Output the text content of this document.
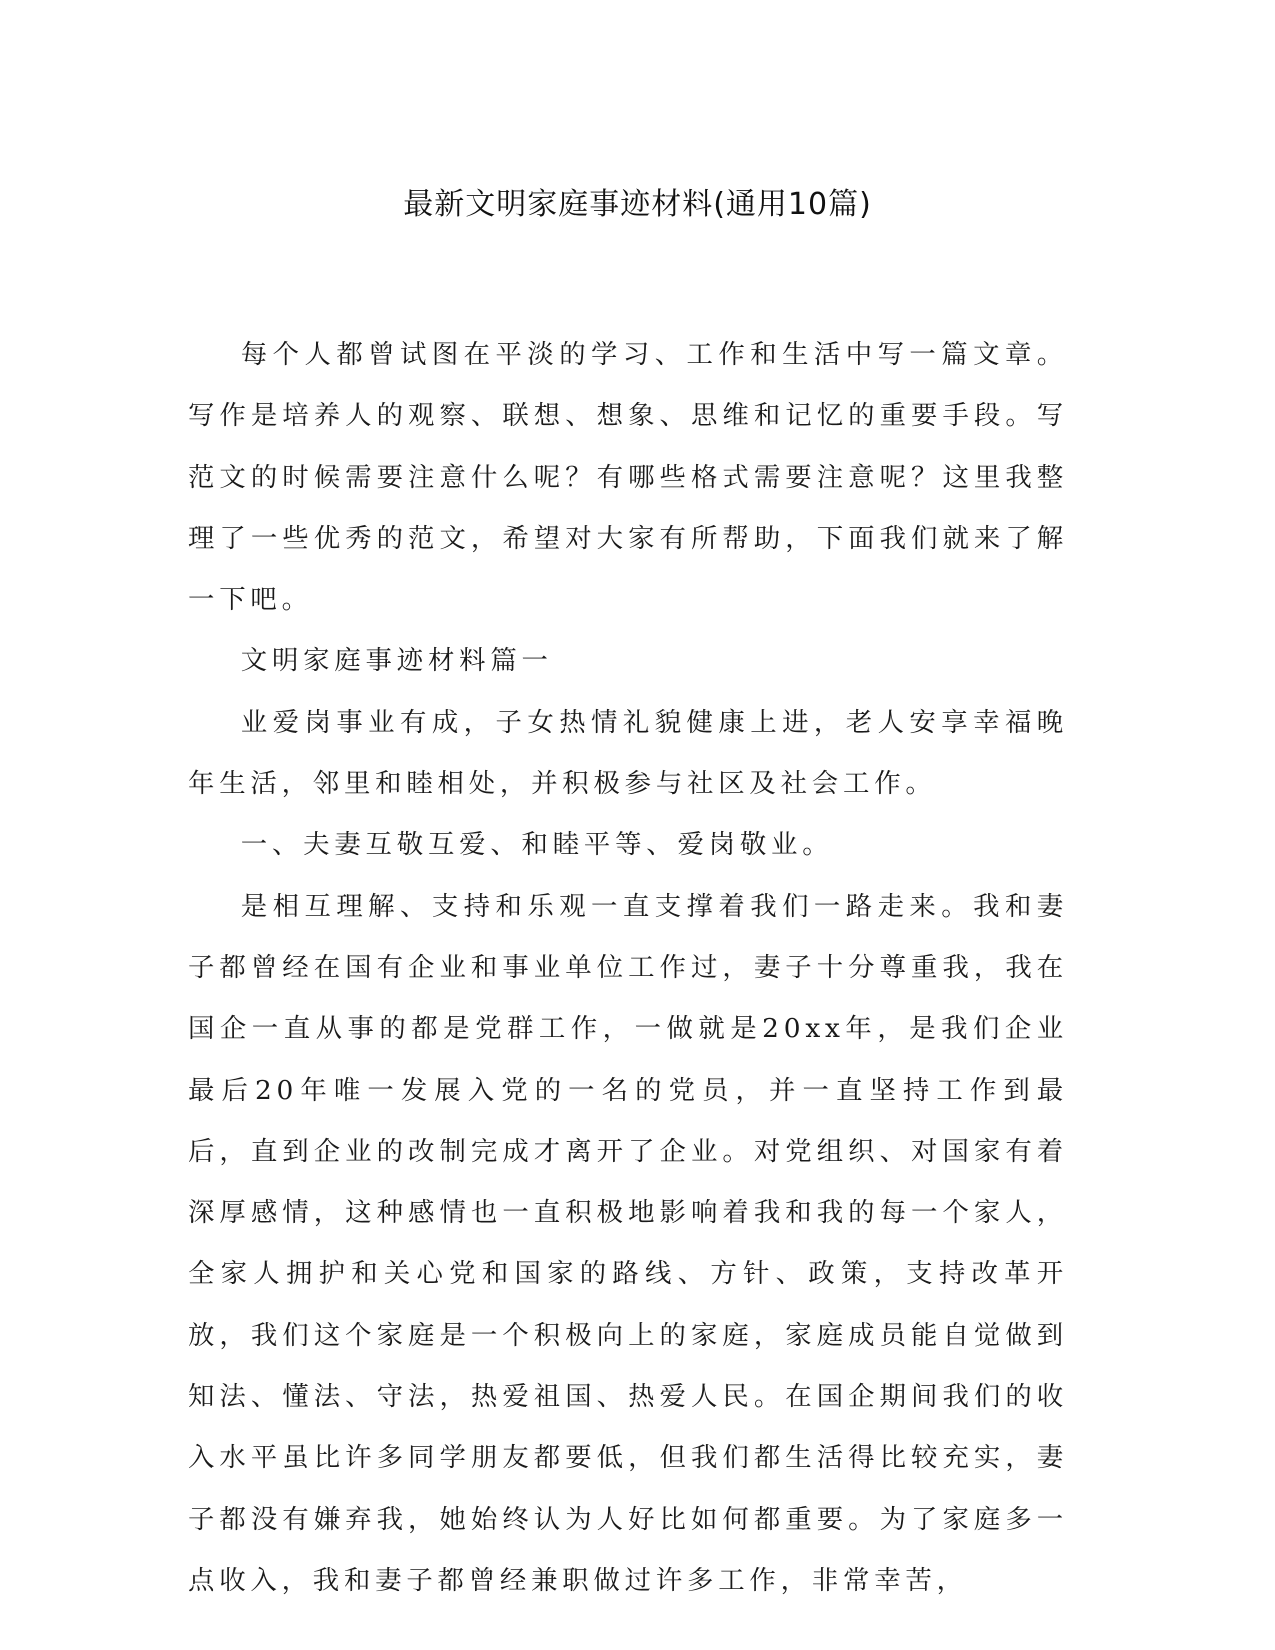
最新文明家庭事迹材料(通用10篇)

每个人都曾试图在平淡的学习、工作和生活中写一篇文章。写作是培养人的观察、联想、想象、思维和记忆的重要手段。写范文的时候需要注意什么呢？有哪些格式需要注意呢？这里我整理了一些优秀的范文，希望对大家有所帮助，下面我们就来了解一下吧。

文明家庭事迹材料篇一

业爱岗事业有成，子女热情礼貌健康上进，老人安享幸福晚年生活，邻里和睦相处，并积极参与社区及社会工作。

一、夫妻互敬互爱、和睦平等、爱岗敬业。

是相互理解、支持和乐观一直支撑着我们一路走来。我和妻子都曾经在国有企业和事业单位工作过，妻子十分尊重我，我在国企一直从事的都是党群工作，一做就是20xx年，是我们企业最后20年唯一发展入党的一名的党员，并一直坚持工作到最后，直到企业的改制完成才离开了企业。对党组织、对国家有着深厚感情，这种感情也一直积极地影响着我和我的每一个家人，全家人拥护和关心党和国家的路线、方针、政策，支持改革开放，我们这个家庭是一个积极向上的家庭，家庭成员能自觉做到知法、懂法、守法，热爱祖国、热爱人民。在国企期间我们的收入水平虽比许多同学朋友都要低，但我们都生活得比较充实，妻子都没有嫌弃我，她始终认为人好比如何都重要。为了家庭多一点收入，我和妻子都曾经兼职做过许多工作，非常幸苦，
